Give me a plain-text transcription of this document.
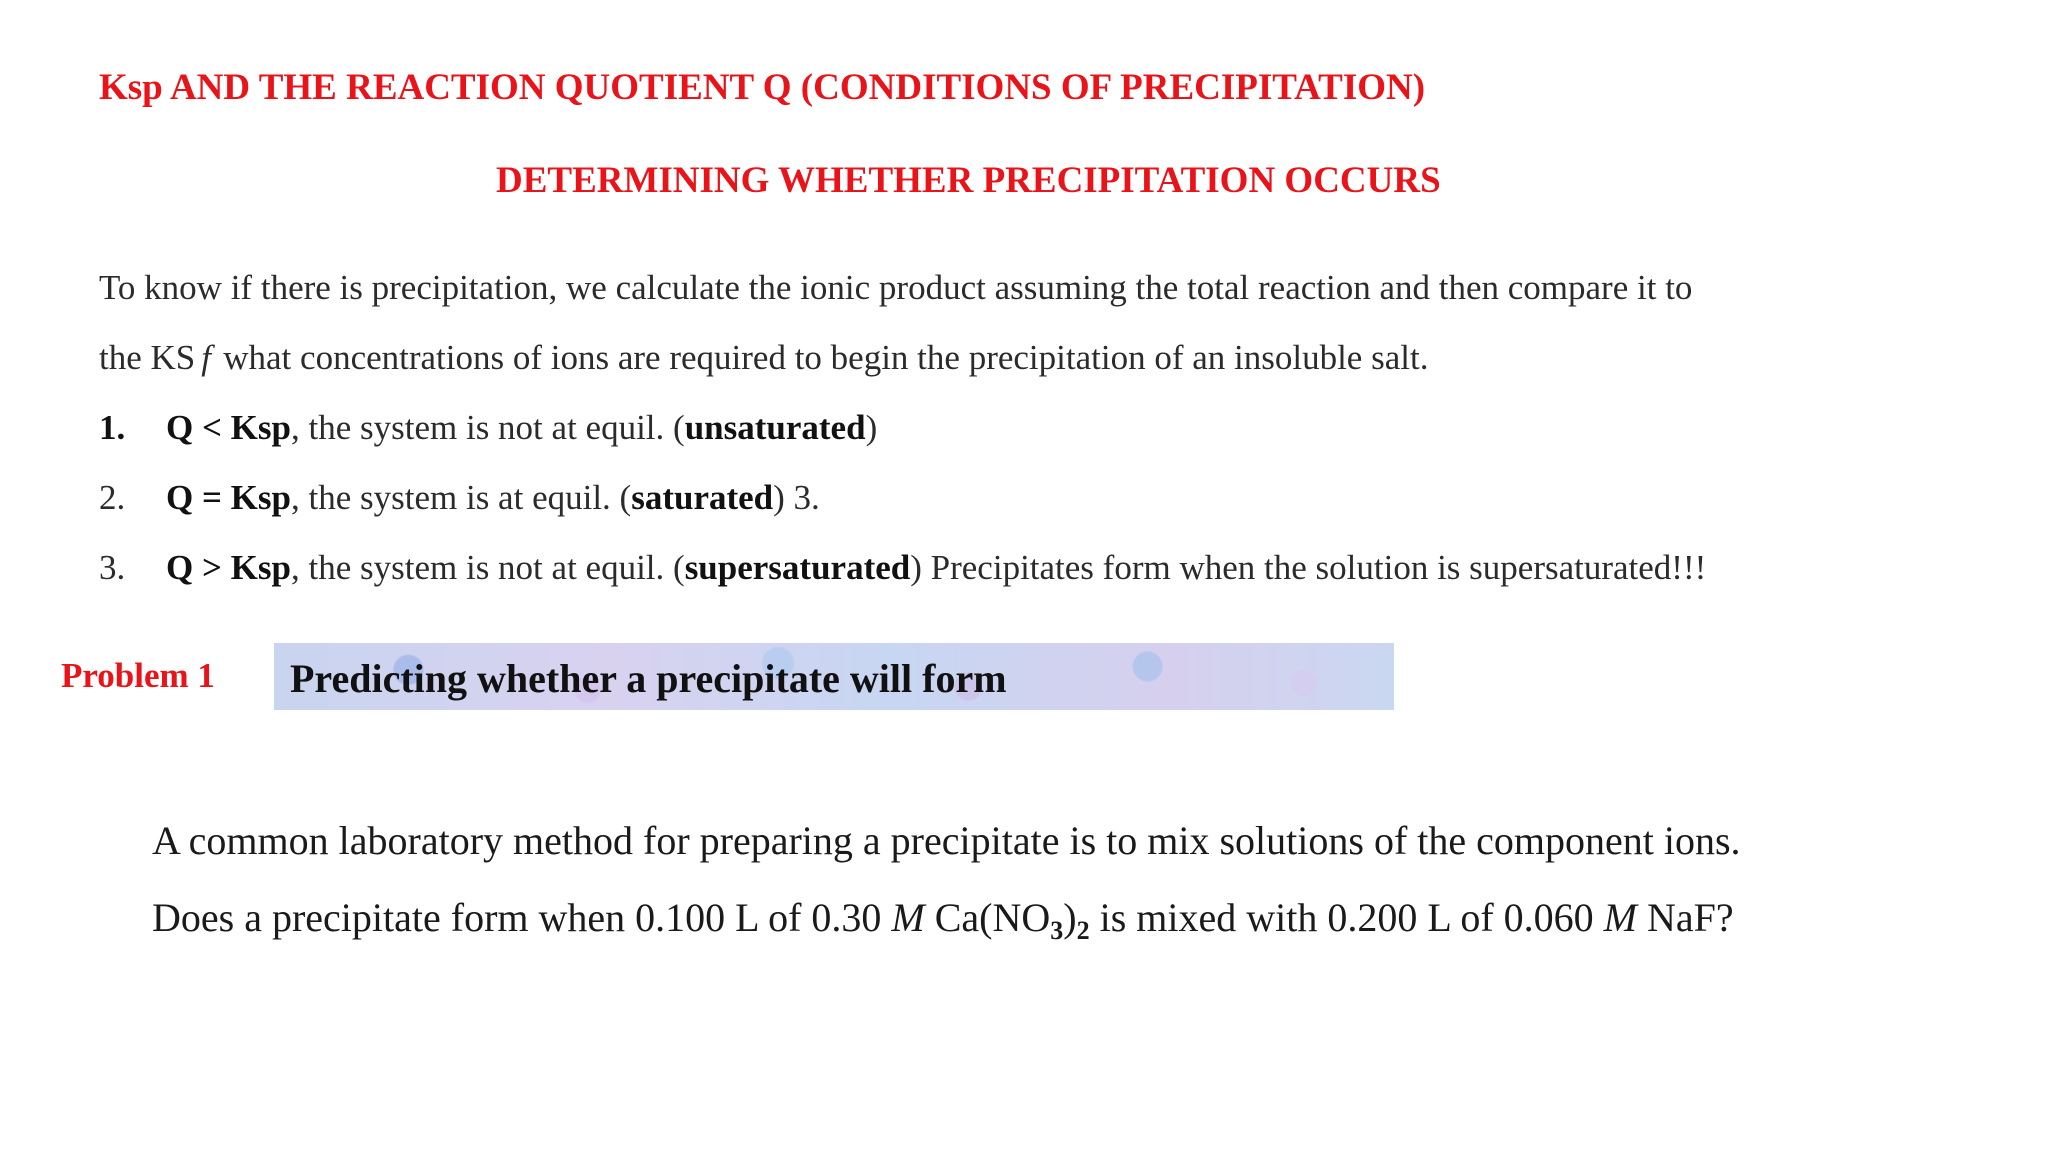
Ksp AND THE REACTION QUOTIENT Q (CONDITIONS OF PRECIPITATION)
DETERMINING WHETHER PRECIPITATION OCCURS
To know if there is precipitation, we calculate the ionic product assuming the total reaction and then compare it to
the KS f what concentrations of ions are required to begin the precipitation of an insoluble salt.
1.	Q < Ksp , the system is not at equil. ( unsaturated )
2.	Q = Ksp , the system is at equil. ( saturated ) 3.
3.	Q > Ksp , the system is not at equil. ( supersaturated ) Precipitates form when the solution is supersaturated!!!
Problem 1 Predicting whether a precipitate will form
A common laboratory method for preparing a precipitate is to mix solutions of the component ions.
Does a precipitate form when 0.100 L of 0.30 M $Ca(NO_3)_2$ is mixed with 0.200 L of 0.060 M NaF?
